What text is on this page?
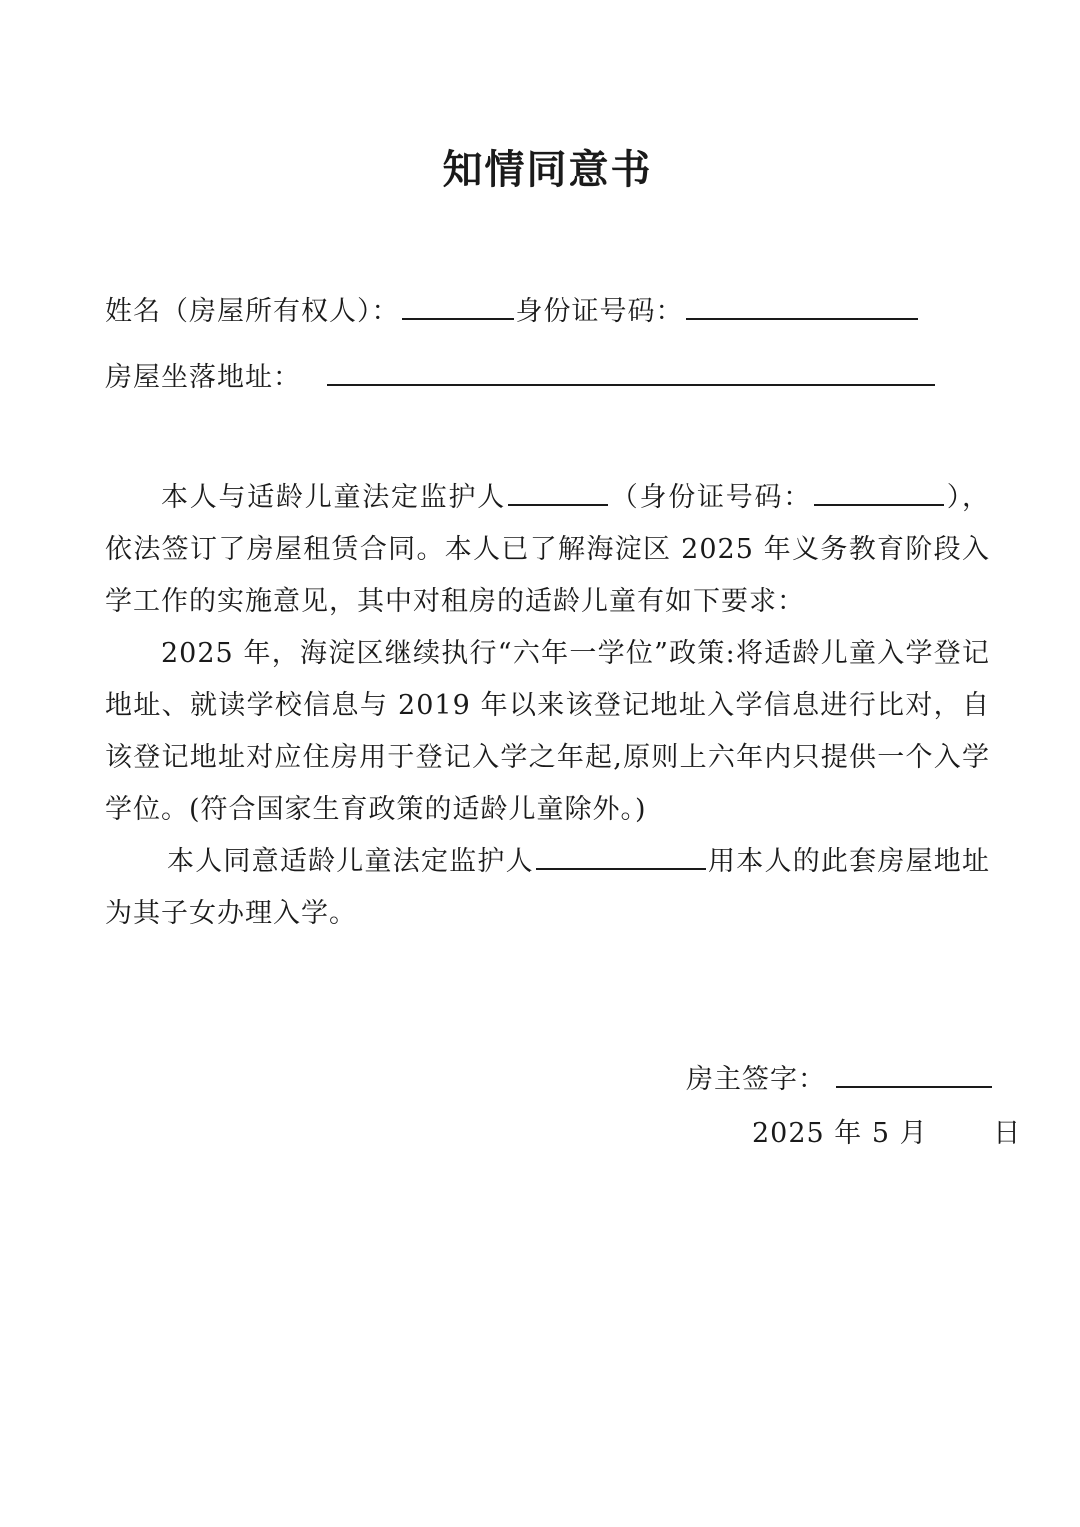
知情同意书
姓名（房屋所有权人）：	身份证号码：
房屋坐落地址：
本人与适龄儿童法定监护人	（身份证号码：	），依法签订了房屋租赁合同。本人已了解海淀区 2025 年义务教育阶段入学工作的实施意见，其中对租房的适龄儿童有如下要求：
2025 年，海淀区继续执行“六年一学位”政策:将适龄儿童入学登记地址、就读学校信息与 2019 年以来该登记地址入学信息进行比对，自该登记地址对应住房用于登记入学之年起,原则上六年内只提供一个入学学位。(符合国家生育政策的适龄儿童除外。)
本人同意适龄儿童法定监护人	用本人的此套房屋地址为其子女办理入学。
房主签字：
2025 年 5 月　　 日
